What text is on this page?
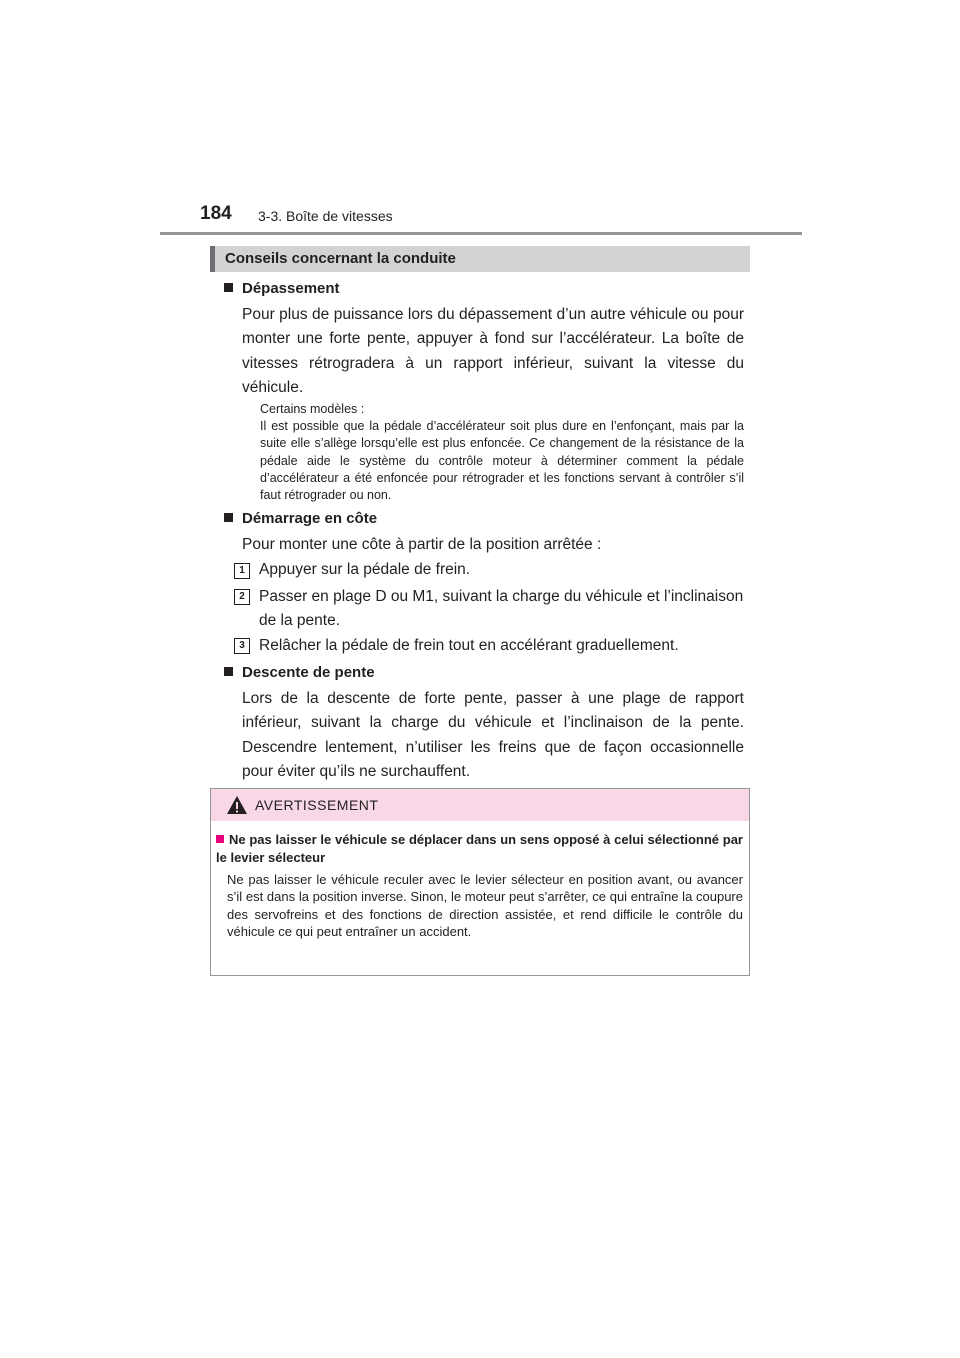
184 3-3. Boîte de vitesses
Conseils concernant la conduite
Dépassement

Pour plus de puissance lors du dépassement d’un autre véhicule ou pour monter une forte pente, appuyer à fond sur l’accélérateur. La boîte de vitesses rétrogradera à un rapport inférieur, suivant la vitesse du véhicule.

Certains modèles :
Il est possible que la pédale d’accélérateur soit plus dure en l’enfonçant, mais par la suite elle s’allège lorsqu’elle est plus enfoncée. Ce changement de la résistance de la pédale aide le système du contrôle moteur à déterminer comment la pédale d’accélérateur a été enfoncée pour rétrograder et les fonctions servant à contrôler s’il faut rétrograder ou non.
Démarrage en côte

Pour monter une côte à partir de la position arrêtée :

1 Appuyer sur la pédale de frein.

2 Passer en plage D ou M1, suivant la charge du véhicule et l’inclinaison de la pente.

3 Relâcher la pédale de frein tout en accélérant graduellement.

Descente de pente

Lors de la descente de forte pente, passer à une plage de rapport inférieur, suivant la charge du véhicule et l’inclinaison de la pente. Descendre lentement, n’utiliser les freins que de façon occasionnelle pour éviter qu’ils ne surchauffent.

AVERTISSEMENT

Ne pas laisser le véhicule se déplacer dans un sens opposé à celui sélectionné par le levier sélecteur

Ne pas laisser le véhicule reculer avec le levier sélecteur en position avant, ou avancer s’il est dans la position inverse. Sinon, le moteur peut s’arrêter, ce qui entraîne la coupure des servofreins et des fonctions de direction assistée, et rend difficile le contrôle du véhicule ce qui peut entraîner un accident.
